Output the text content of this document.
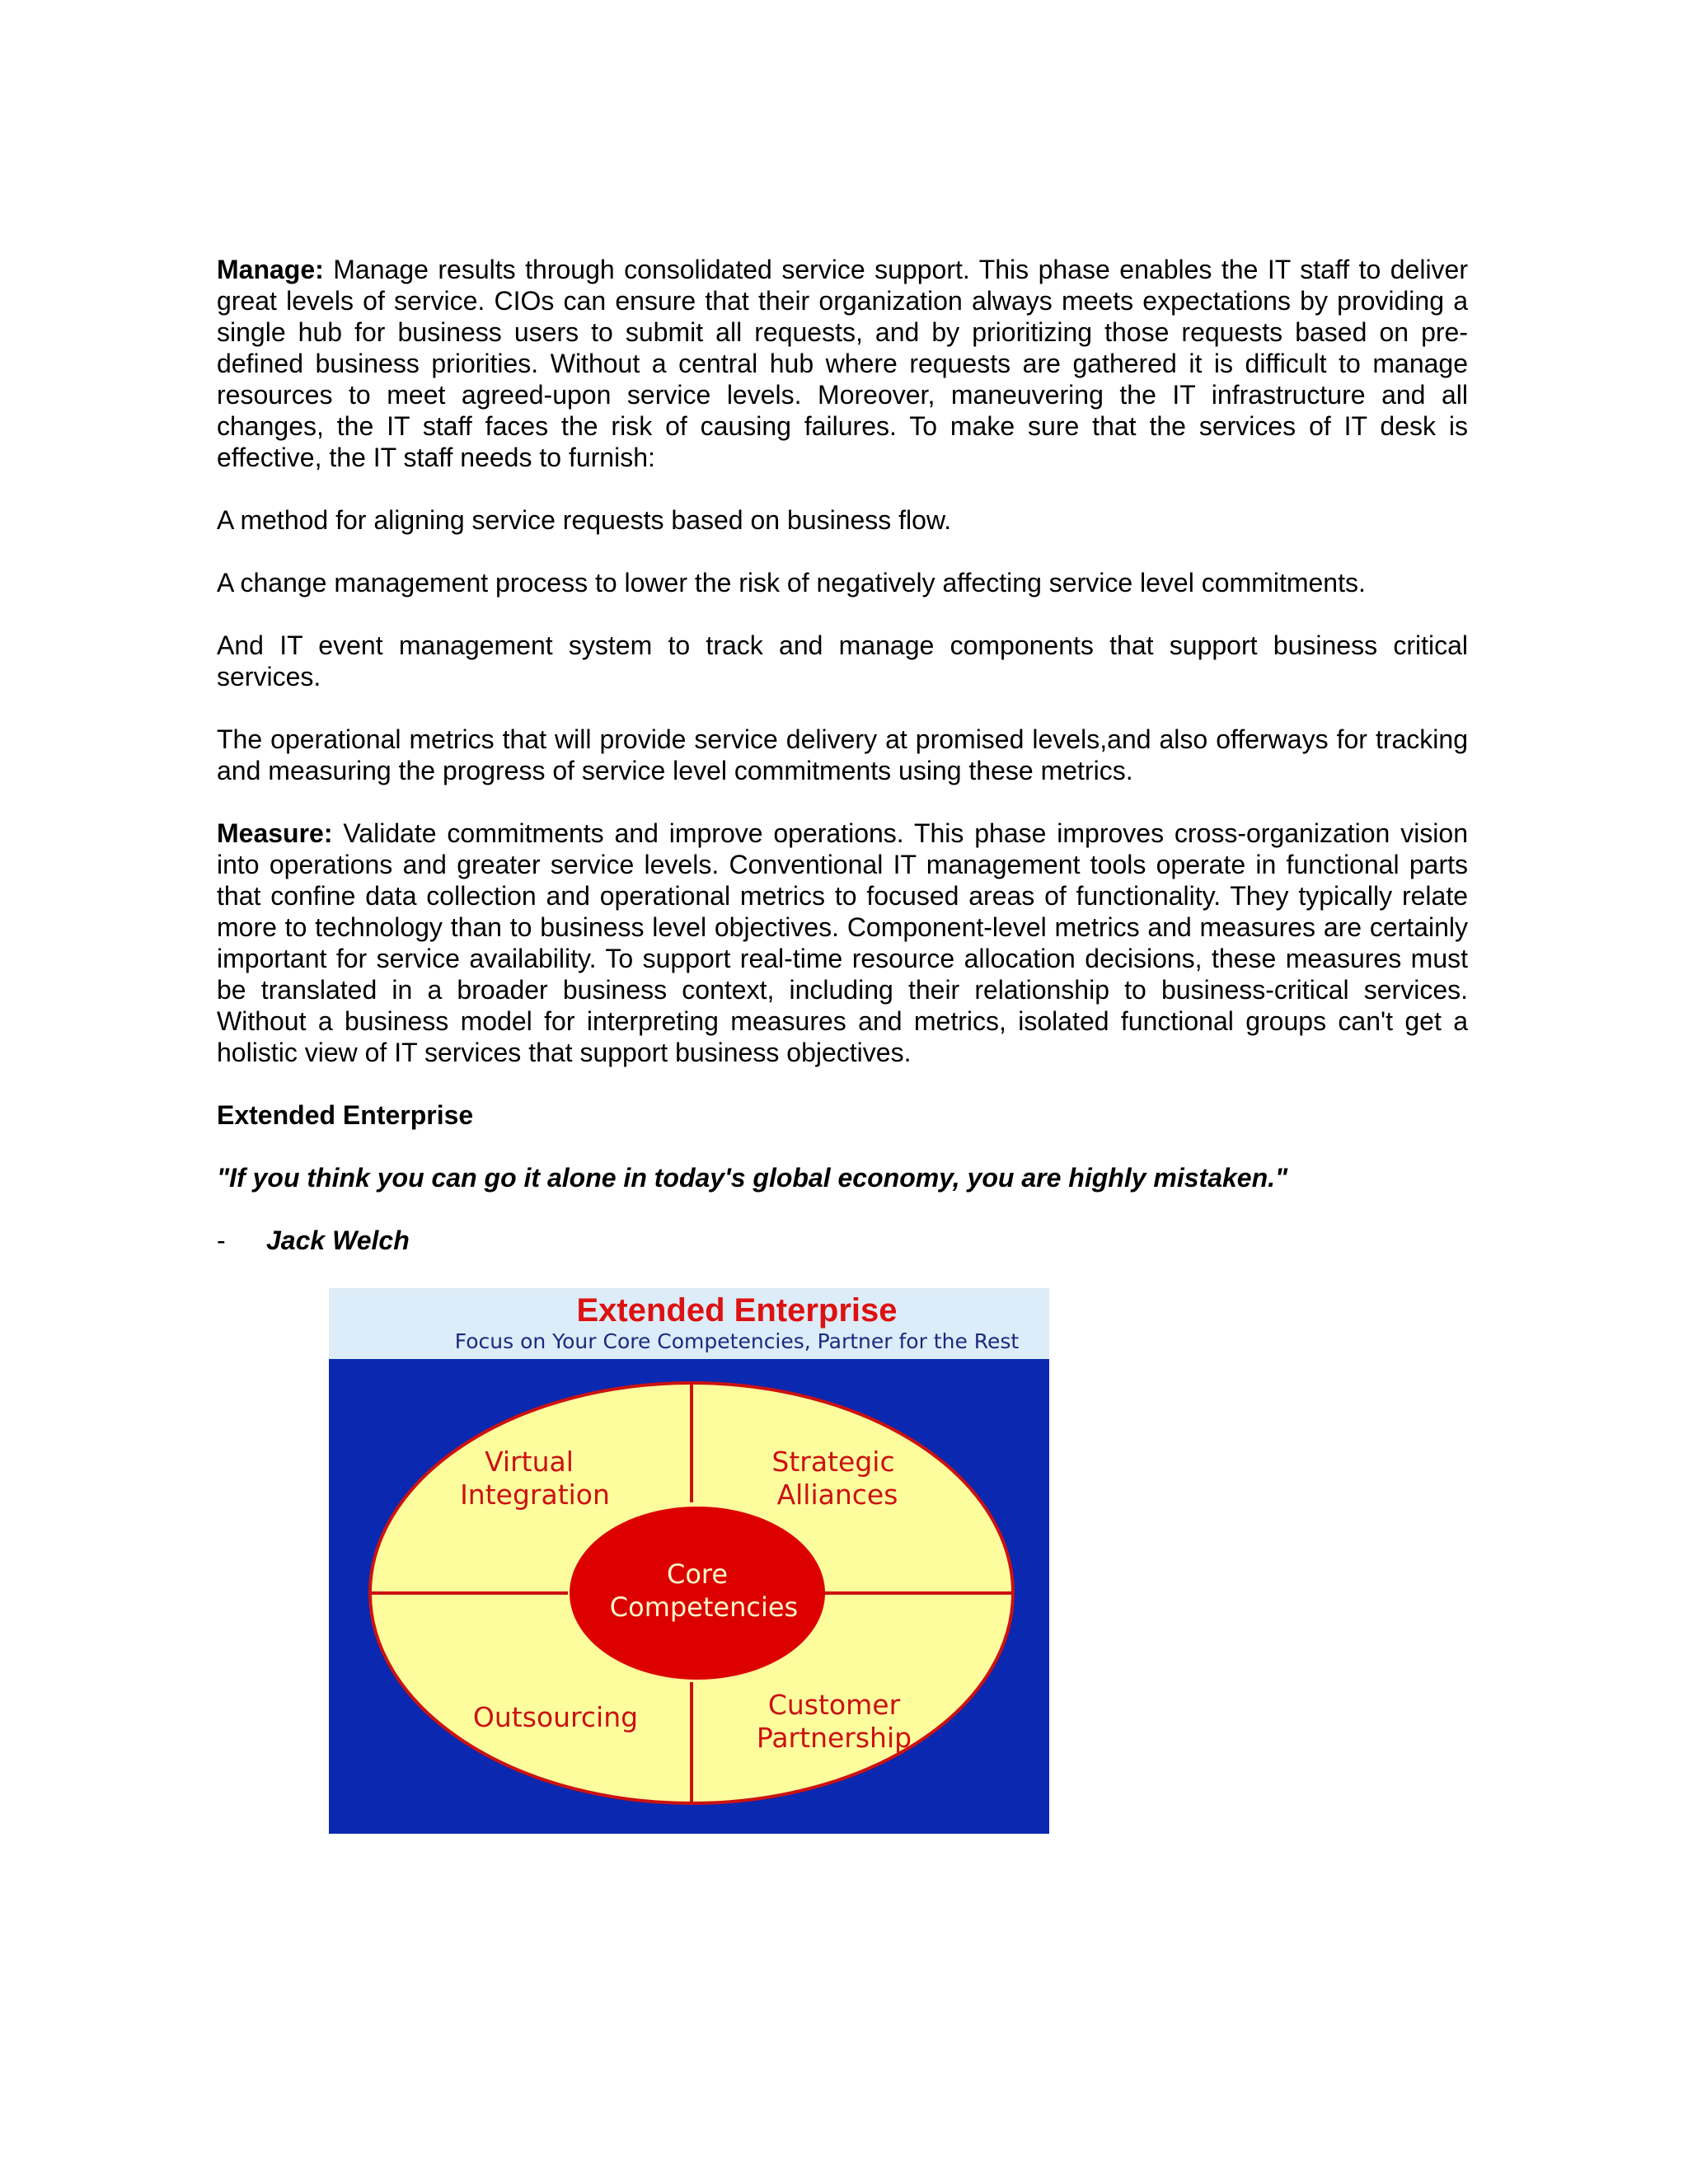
Manage: Manage results through consolidated service support. This phase enables the IT staff to deliver great levels of service. CIOs can ensure that their organization always meets expectations by providing a single hub for business users to submit all requests, and by prioritizing those requests based on pre-defined business priorities. Without a central hub where requests are gathered it is difficult to manage resources to meet agreed-upon service levels. Moreover, maneuvering the IT infrastructure and all changes, the IT staff faces the risk of causing failures. To make sure that the services of IT desk is effective, the IT staff needs to furnish:

A method for aligning service requests based on business flow.

A change management process to lower the risk of negatively affecting service level commitments.

And IT event management system to track and manage components that support business critical services.

The operational metrics that will provide service delivery at promised levels,and also offerways for tracking and measuring the progress of service level commitments using these metrics.

Measure: Validate commitments and improve operations. This phase improves cross-organization vision into operations and greater service levels. Conventional IT management tools operate in functional parts that confine data collection and operational metrics to focused areas of functionality. They typically relate more to technology than to business level objectives. Component-level metrics and measures are certainly important for service availability. To support real-time resource allocation decisions, these measures must be translated in a broader business context, including their relationship to business-critical services. Without a business model for interpreting measures and metrics, isolated functional groups can't get a holistic view of IT services that support business objectives.

Extended Enterprise

"If you think you can go it alone in today's global economy, you are highly mistaken."

- Jack Welch

Extended Enterprise
Focus on Your Core Competencies, Partner for the Rest
Core
Competencies
Virtual
Integration
Strategic
Alliances
Outsourcing	Customer
Partnership
